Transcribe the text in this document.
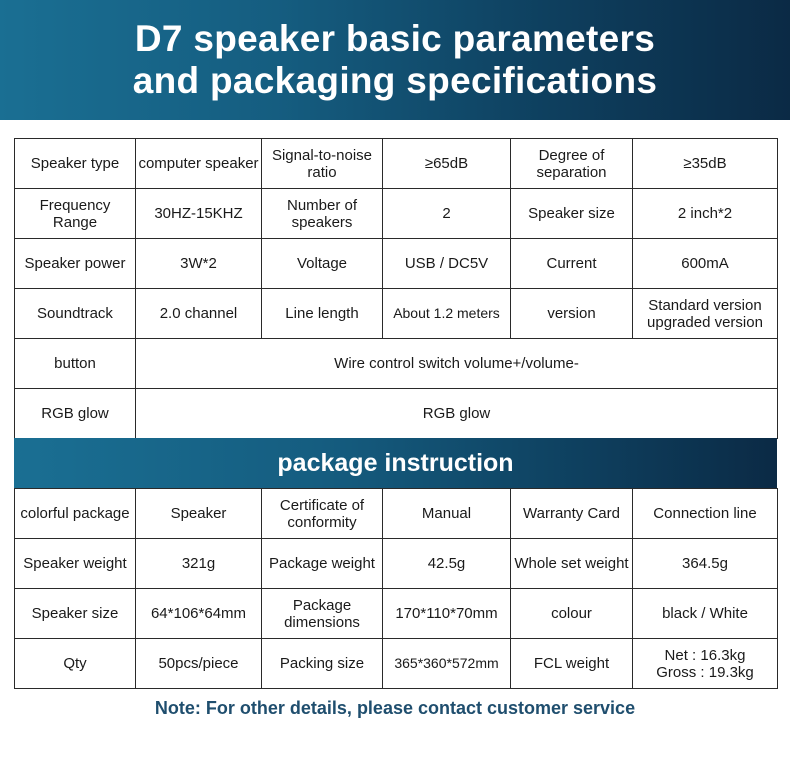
D7 speaker basic parameters
and packaging specifications
Speaker type	computer speaker	Signal-to-noise ratio	≥65dB	Degree of separation	≥35dB
Frequency Range	30HZ-15KHZ	Number of speakers	2	Speaker size	2 inch*2
Speaker power	3W*2	Voltage	USB / DC5V	Current	600mA
Soundtrack	2.0 channel	Line length	About 1.2 meters	version	Standard version upgraded version
button	Wire control switch volume+/volume-				
RGB glow	RGB glow				
package instruction
colorful package	Speaker	Certificate of conformity	Manual	Warranty Card	Connection line
Speaker weight	321g	Package weight	42.5g	Whole set weight	364.5g
Speaker size	64*106*64mm	Package dimensions	170*110*70mm	colour	black / White
Qty	50pcs/piece	Packing size	365*360*572mm	FCL weight	Net : 16.3kg
Gross : 19.3kg
Note: For other details, please contact customer service
